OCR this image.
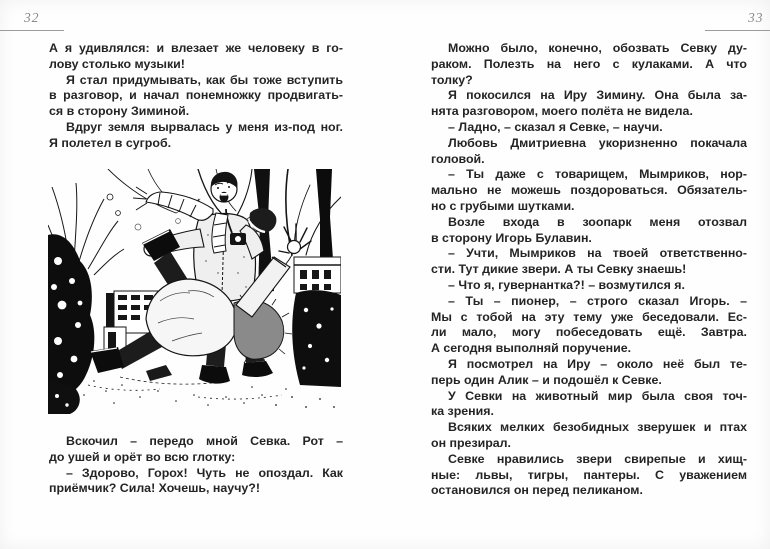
32	33
А я удивлялся: и влезает же человеку в го-
лову столько музыки!
Я стал придумывать, как бы тоже вступить
в разговор, и начал понемножку продвигать-
ся в сторону Зиминой.
Вдруг земля вырвалась у меня из-под ног.
Я полетел в сугроб.
Вскочил – передо мной Севка. Рот –
до ушей и орёт во всю глотку:
– Здорово, Горох! Чуть не опоздал. Как
приёмчик? Сила! Хочешь, научу?!
Можно было, конечно, обозвать Севку ду-
раком. Полезть на него с кулаками. А что
толку?
Я покосился на Иру Зимину. Она была за-
нята разговором, моего полёта не видела.
– Ладно, – сказал я Севке, – научи.
Любовь Дмитриевна укоризненно покачала
головой.
– Ты даже с товарищем, Мымриков, нор-
мально не можешь поздороваться. Обязатель-
но с грубыми шутками.
Возле входа в зоопарк меня отозвал
в сторону Игорь Булавин.
– Учти, Мымриков на твоей ответственно-
сти. Тут дикие звери. А ты Севку знаешь!
– Что я, гувернантка?! – возмутился я.
– Ты – пионер, – строго сказал Игорь. –
Мы с тобой на эту тему уже беседовали. Ес-
ли мало, могу побеседовать ещё. Завтра.
А сегодня выполняй поручение.
Я посмотрел на Иру – около неё был те-
перь один Алик – и подошёл к Севке.
У Севки на животный мир была своя точ-
ка зрения.
Всяких мелких безобидных зверушек и птах
он презирал.
Севке нравились звери свирепые и хищ-
ные: львы, тигры, пантеры. С уважением
остановился он перед пеликаном.
